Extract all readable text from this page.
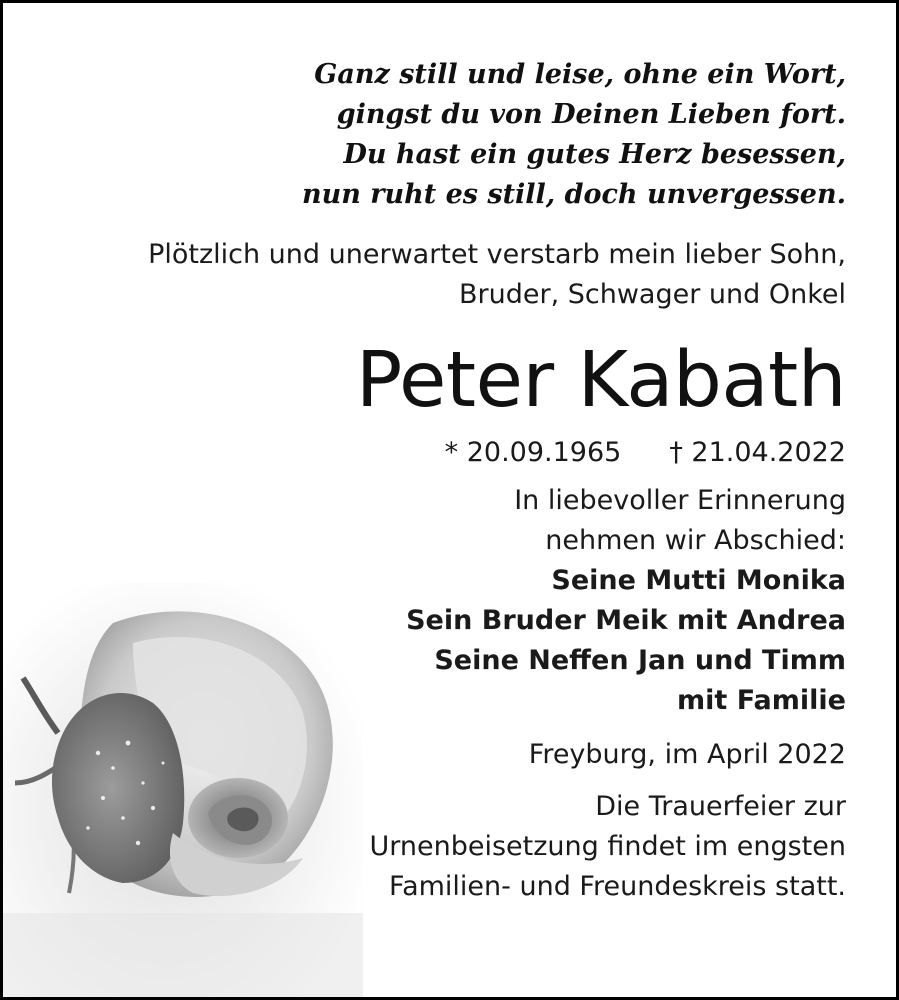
Ganz still und leise, ohne ein Wort,
gingst du von Deinen Lieben fort.
Du hast ein gutes Herz besessen,
nun ruht es still, doch unvergessen.
Plötzlich und unerwartet verstarb mein lieber Sohn,
Bruder, Schwager und Onkel
Peter Kabath
* 20.09.1965 † 21.04.2022
In liebevoller Erinnerung
nehmen wir Abschied:
Seine Mutti Monika
Sein Bruder Meik mit Andrea
Seine Neffen Jan und Timm
mit Familie
Freyburg, im April 2022
Die Trauerfeier zur
Urnenbeisetzung findet im engsten
Familien- und Freundeskreis statt.
